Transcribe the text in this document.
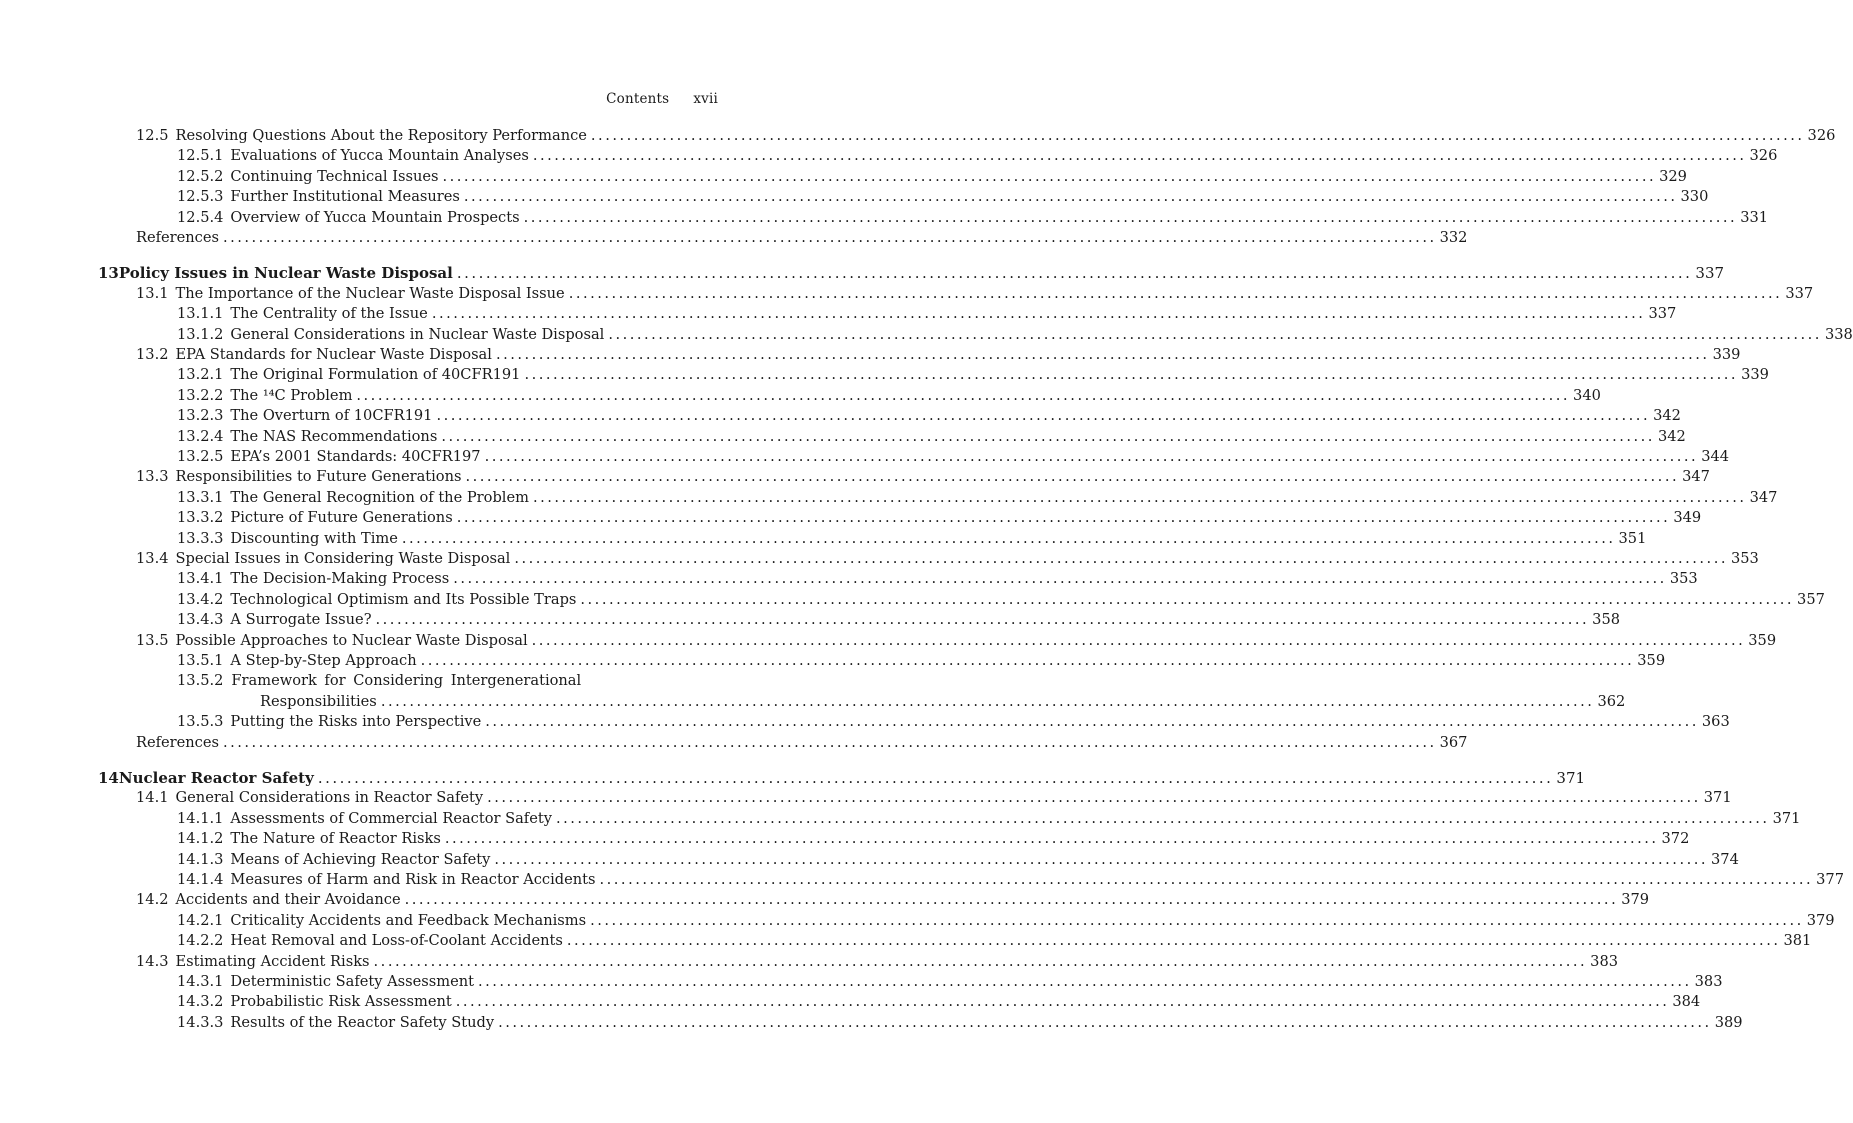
Contents xvii
12.5 Resolving Questions About the Repository Performance .......................................................................................................................................................................... 326
12.5.1 Evaluations of Yucca Mountain Analyses .......................................................................................................................................................................... 326
12.5.2 Continuing Technical Issues .......................................................................................................................................................................... 329
12.5.3 Further Institutional Measures .......................................................................................................................................................................... 330
12.5.4 Overview of Yucca Mountain Prospects .......................................................................................................................................................................... 331
References .......................................................................................................................................................................... 332
13 Policy Issues in Nuclear Waste Disposal .......................................................................................................................................................................... 337
13.1 The Importance of the Nuclear Waste Disposal Issue .......................................................................................................................................................................... 337
13.1.1 The Centrality of the Issue .......................................................................................................................................................................... 337
13.1.2 General Considerations in Nuclear Waste Disposal .......................................................................................................................................................................... 338
13.2 EPA Standards for Nuclear Waste Disposal .......................................................................................................................................................................... 339
13.2.1 The Original Formulation of 40CFR191 .......................................................................................................................................................................... 339
13.2.2 The ¹⁴C Problem .......................................................................................................................................................................... 340
13.2.3 The Overturn of 10CFR191 .......................................................................................................................................................................... 342
13.2.4 The NAS Recommendations .......................................................................................................................................................................... 342
13.2.5 EPA’s 2001 Standards: 40CFR197 .......................................................................................................................................................................... 344
13.3 Responsibilities to Future Generations .......................................................................................................................................................................... 347
13.3.1 The General Recognition of the Problem .......................................................................................................................................................................... 347
13.3.2 Picture of Future Generations .......................................................................................................................................................................... 349
13.3.3 Discounting with Time .......................................................................................................................................................................... 351
13.4 Special Issues in Considering Waste Disposal .......................................................................................................................................................................... 353
13.4.1 The Decision-Making Process .......................................................................................................................................................................... 353
13.4.2 Technological Optimism and Its Possible Traps .......................................................................................................................................................................... 357
13.4.3 A Surrogate Issue? .......................................................................................................................................................................... 358
13.5 Possible Approaches to Nuclear Waste Disposal .......................................................................................................................................................................... 359
13.5.1 A Step-by-Step Approach .......................................................................................................................................................................... 359
13.5.2 Framework for Considering Intergenerational
Responsibilities .......................................................................................................................................................................... 362
13.5.3 Putting the Risks into Perspective .......................................................................................................................................................................... 363
References .......................................................................................................................................................................... 367
14 Nuclear Reactor Safety .......................................................................................................................................................................... 371
14.1 General Considerations in Reactor Safety .......................................................................................................................................................................... 371
14.1.1 Assessments of Commercial Reactor Safety .......................................................................................................................................................................... 371
14.1.2 The Nature of Reactor Risks .......................................................................................................................................................................... 372
14.1.3 Means of Achieving Reactor Safety .......................................................................................................................................................................... 374
14.1.4 Measures of Harm and Risk in Reactor Accidents .......................................................................................................................................................................... 377
14.2 Accidents and their Avoidance .......................................................................................................................................................................... 379
14.2.1 Criticality Accidents and Feedback Mechanisms .......................................................................................................................................................................... 379
14.2.2 Heat Removal and Loss-of-Coolant Accidents .......................................................................................................................................................................... 381
14.3 Estimating Accident Risks .......................................................................................................................................................................... 383
14.3.1 Deterministic Safety Assessment .......................................................................................................................................................................... 383
14.3.2 Probabilistic Risk Assessment .......................................................................................................................................................................... 384
14.3.3 Results of the Reactor Safety Study .......................................................................................................................................................................... 389
